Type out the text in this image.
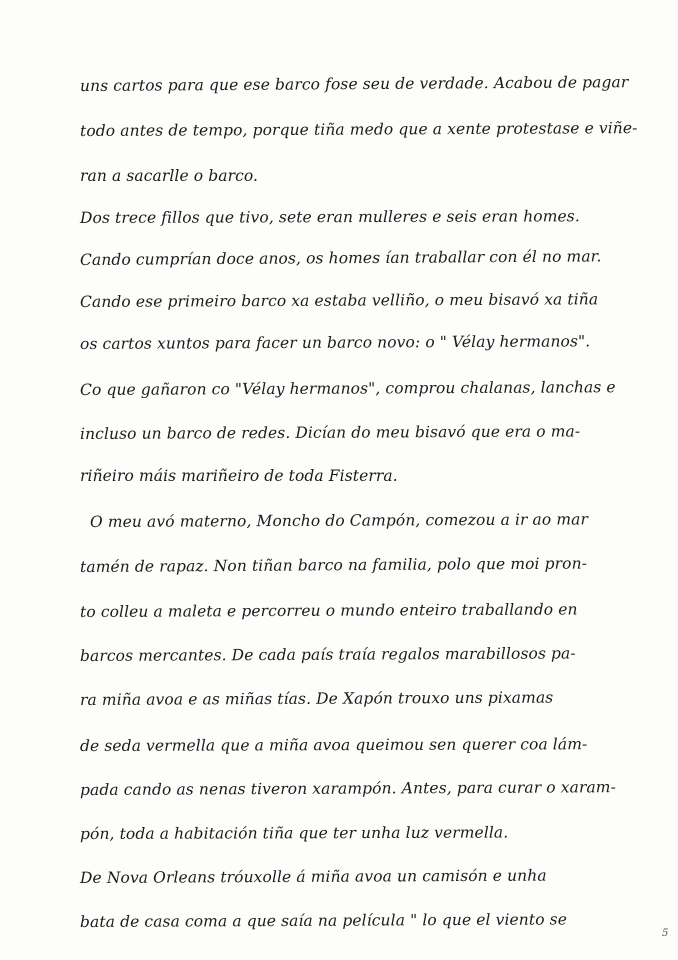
uns cartos para que ese barco fose seu de verdade. Acabou de pagar
todo antes de tempo, porque tiña medo que a xente protestase e viñe-
ran a sacarlle o barco.
Dos trece fillos que tivo, sete eran mulleres e seis eran homes.
Cando cumprían doce anos, os homes ían traballar con él no mar.
Cando ese primeiro barco xa estaba velliño, o meu bisavó xa tiña
os cartos xuntos para facer un barco novo: o " Vélay hermanos".
Co que gañaron co "Vélay hermanos", comprou chalanas, lanchas e
incluso un barco de redes. Dicían do meu bisavó que era o ma-
riñeiro máis mariñeiro de toda Fisterra.
O meu avó materno, Moncho do Campón, comezou a ir ao mar
tamén de rapaz. Non tiñan barco na familia, polo que moi pron-
to colleu a maleta e percorreu o mundo enteiro traballando en
barcos mercantes. De cada país traía regalos marabillosos pa-
ra miña avoa e as miñas tías. De Xapón trouxo uns pixamas
de seda vermella que a miña avoa queimou sen querer coa lám-
pada cando as nenas tiveron xarampón. Antes, para curar o xaram-
pón, toda a habitación tiña que ter unha luz vermella.
De Nova Orleans tróuxolle á miña avoa un camisón e unha
bata de casa coma a que saía na película " lo que el viento se
5
